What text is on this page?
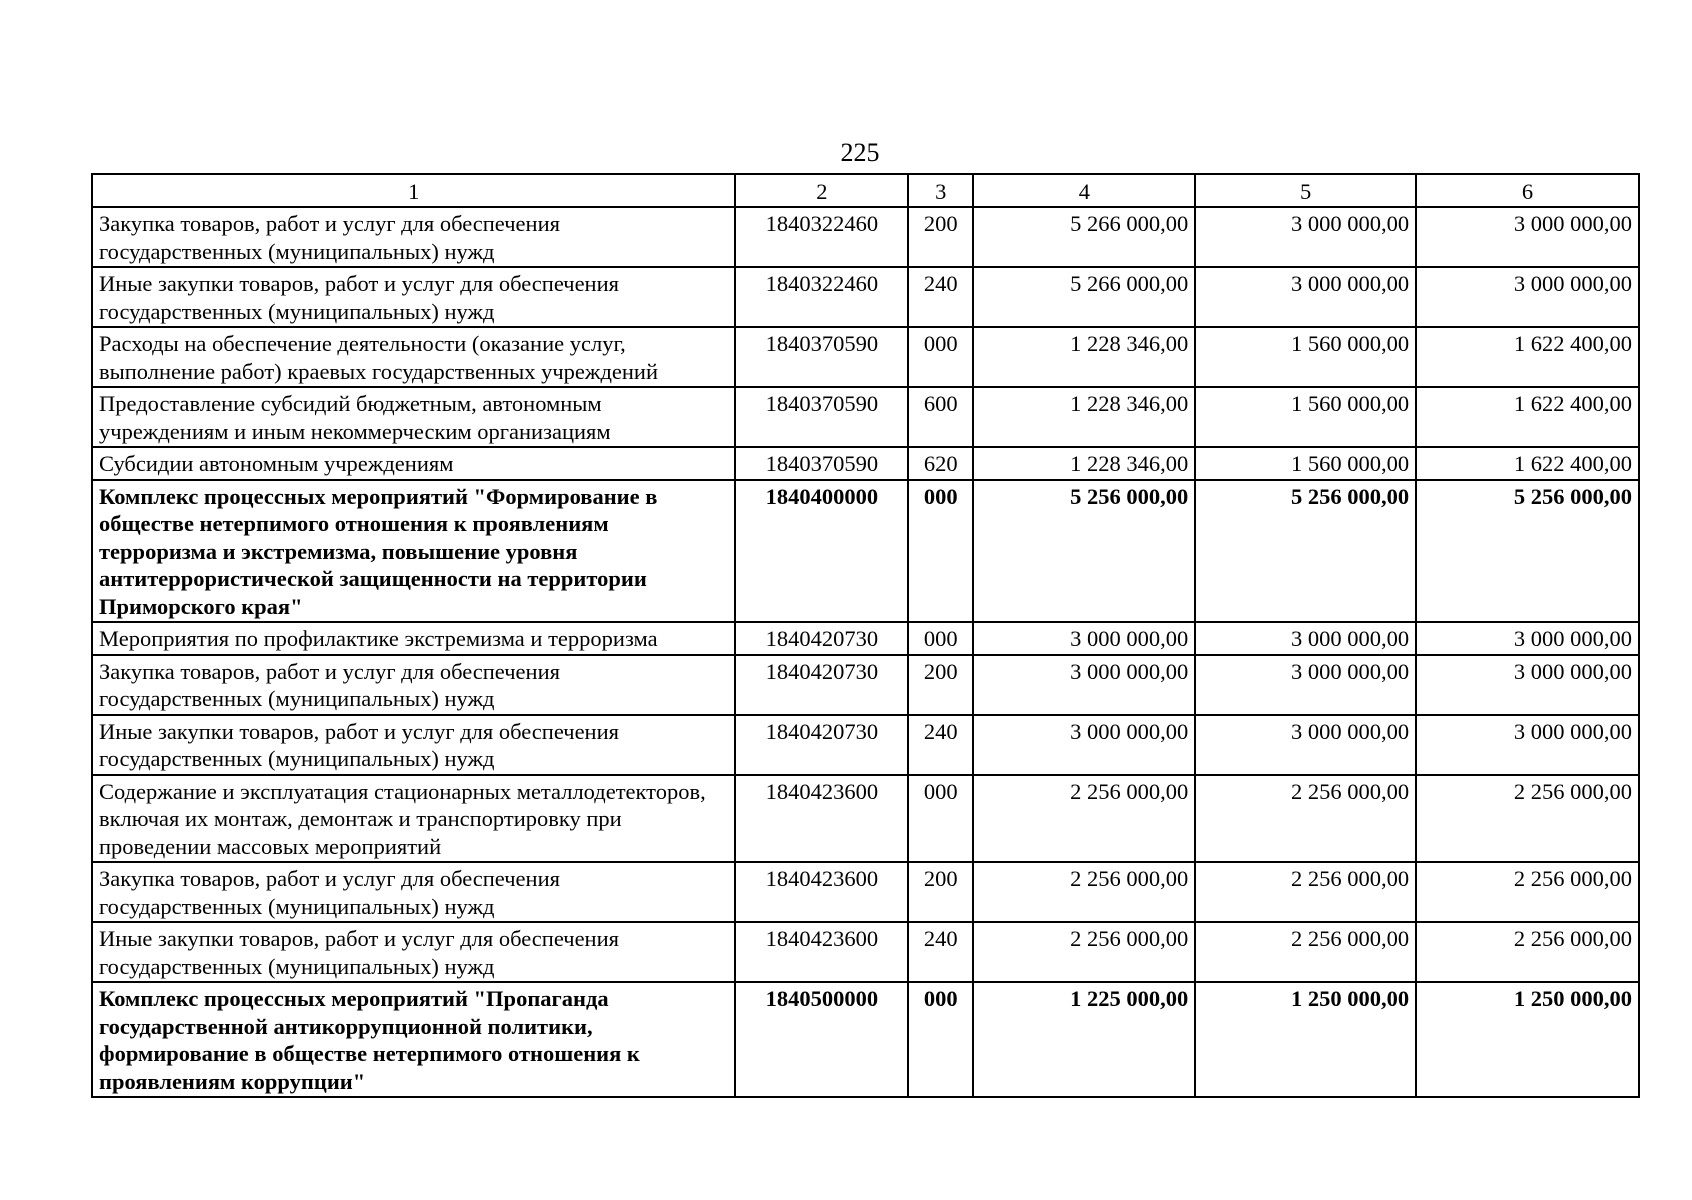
225
1	2	3	4	5	6
Закупка товаров, работ и услуг для обеспечения государственных (муниципальных) нужд	1840322460	200	5 266 000,00	3 000 000,00	3 000 000,00
Иные закупки товаров, работ и услуг для обеспечения государственных (муниципальных) нужд	1840322460	240	5 266 000,00	3 000 000,00	3 000 000,00
Расходы на обеспечение деятельности (оказание услуг, выполнение работ) краевых государственных учреждений	1840370590	000	1 228 346,00	1 560 000,00	1 622 400,00
Предоставление субсидий бюджетным, автономным учреждениям и иным некоммерческим организациям	1840370590	600	1 228 346,00	1 560 000,00	1 622 400,00
Субсидии автономным учреждениям	1840370590	620	1 228 346,00	1 560 000,00	1 622 400,00
Комплекс процессных мероприятий "Формирование в обществе нетерпимого отношения к проявлениям терроризма и экстремизма, повышение уровня антитеррористической защищенности на территории Приморского края"	1840400000	000	5 256 000,00	5 256 000,00	5 256 000,00
Мероприятия по профилактике экстремизма и терроризма	1840420730	000	3 000 000,00	3 000 000,00	3 000 000,00
Закупка товаров, работ и услуг для обеспечения государственных (муниципальных) нужд	1840420730	200	3 000 000,00	3 000 000,00	3 000 000,00
Иные закупки товаров, работ и услуг для обеспечения государственных (муниципальных) нужд	1840420730	240	3 000 000,00	3 000 000,00	3 000 000,00
Содержание и эксплуатация стационарных металлодетекторов, включая их монтаж, демонтаж и транспортировку при проведении массовых мероприятий	1840423600	000	2 256 000,00	2 256 000,00	2 256 000,00
Закупка товаров, работ и услуг для обеспечения государственных (муниципальных) нужд	1840423600	200	2 256 000,00	2 256 000,00	2 256 000,00
Иные закупки товаров, работ и услуг для обеспечения государственных (муниципальных) нужд	1840423600	240	2 256 000,00	2 256 000,00	2 256 000,00
Комплекс процессных мероприятий "Пропаганда государственной антикоррупционной политики, формирование в обществе нетерпимого отношения к проявлениям коррупции"	1840500000	000	1 225 000,00	1 250 000,00	1 250 000,00
